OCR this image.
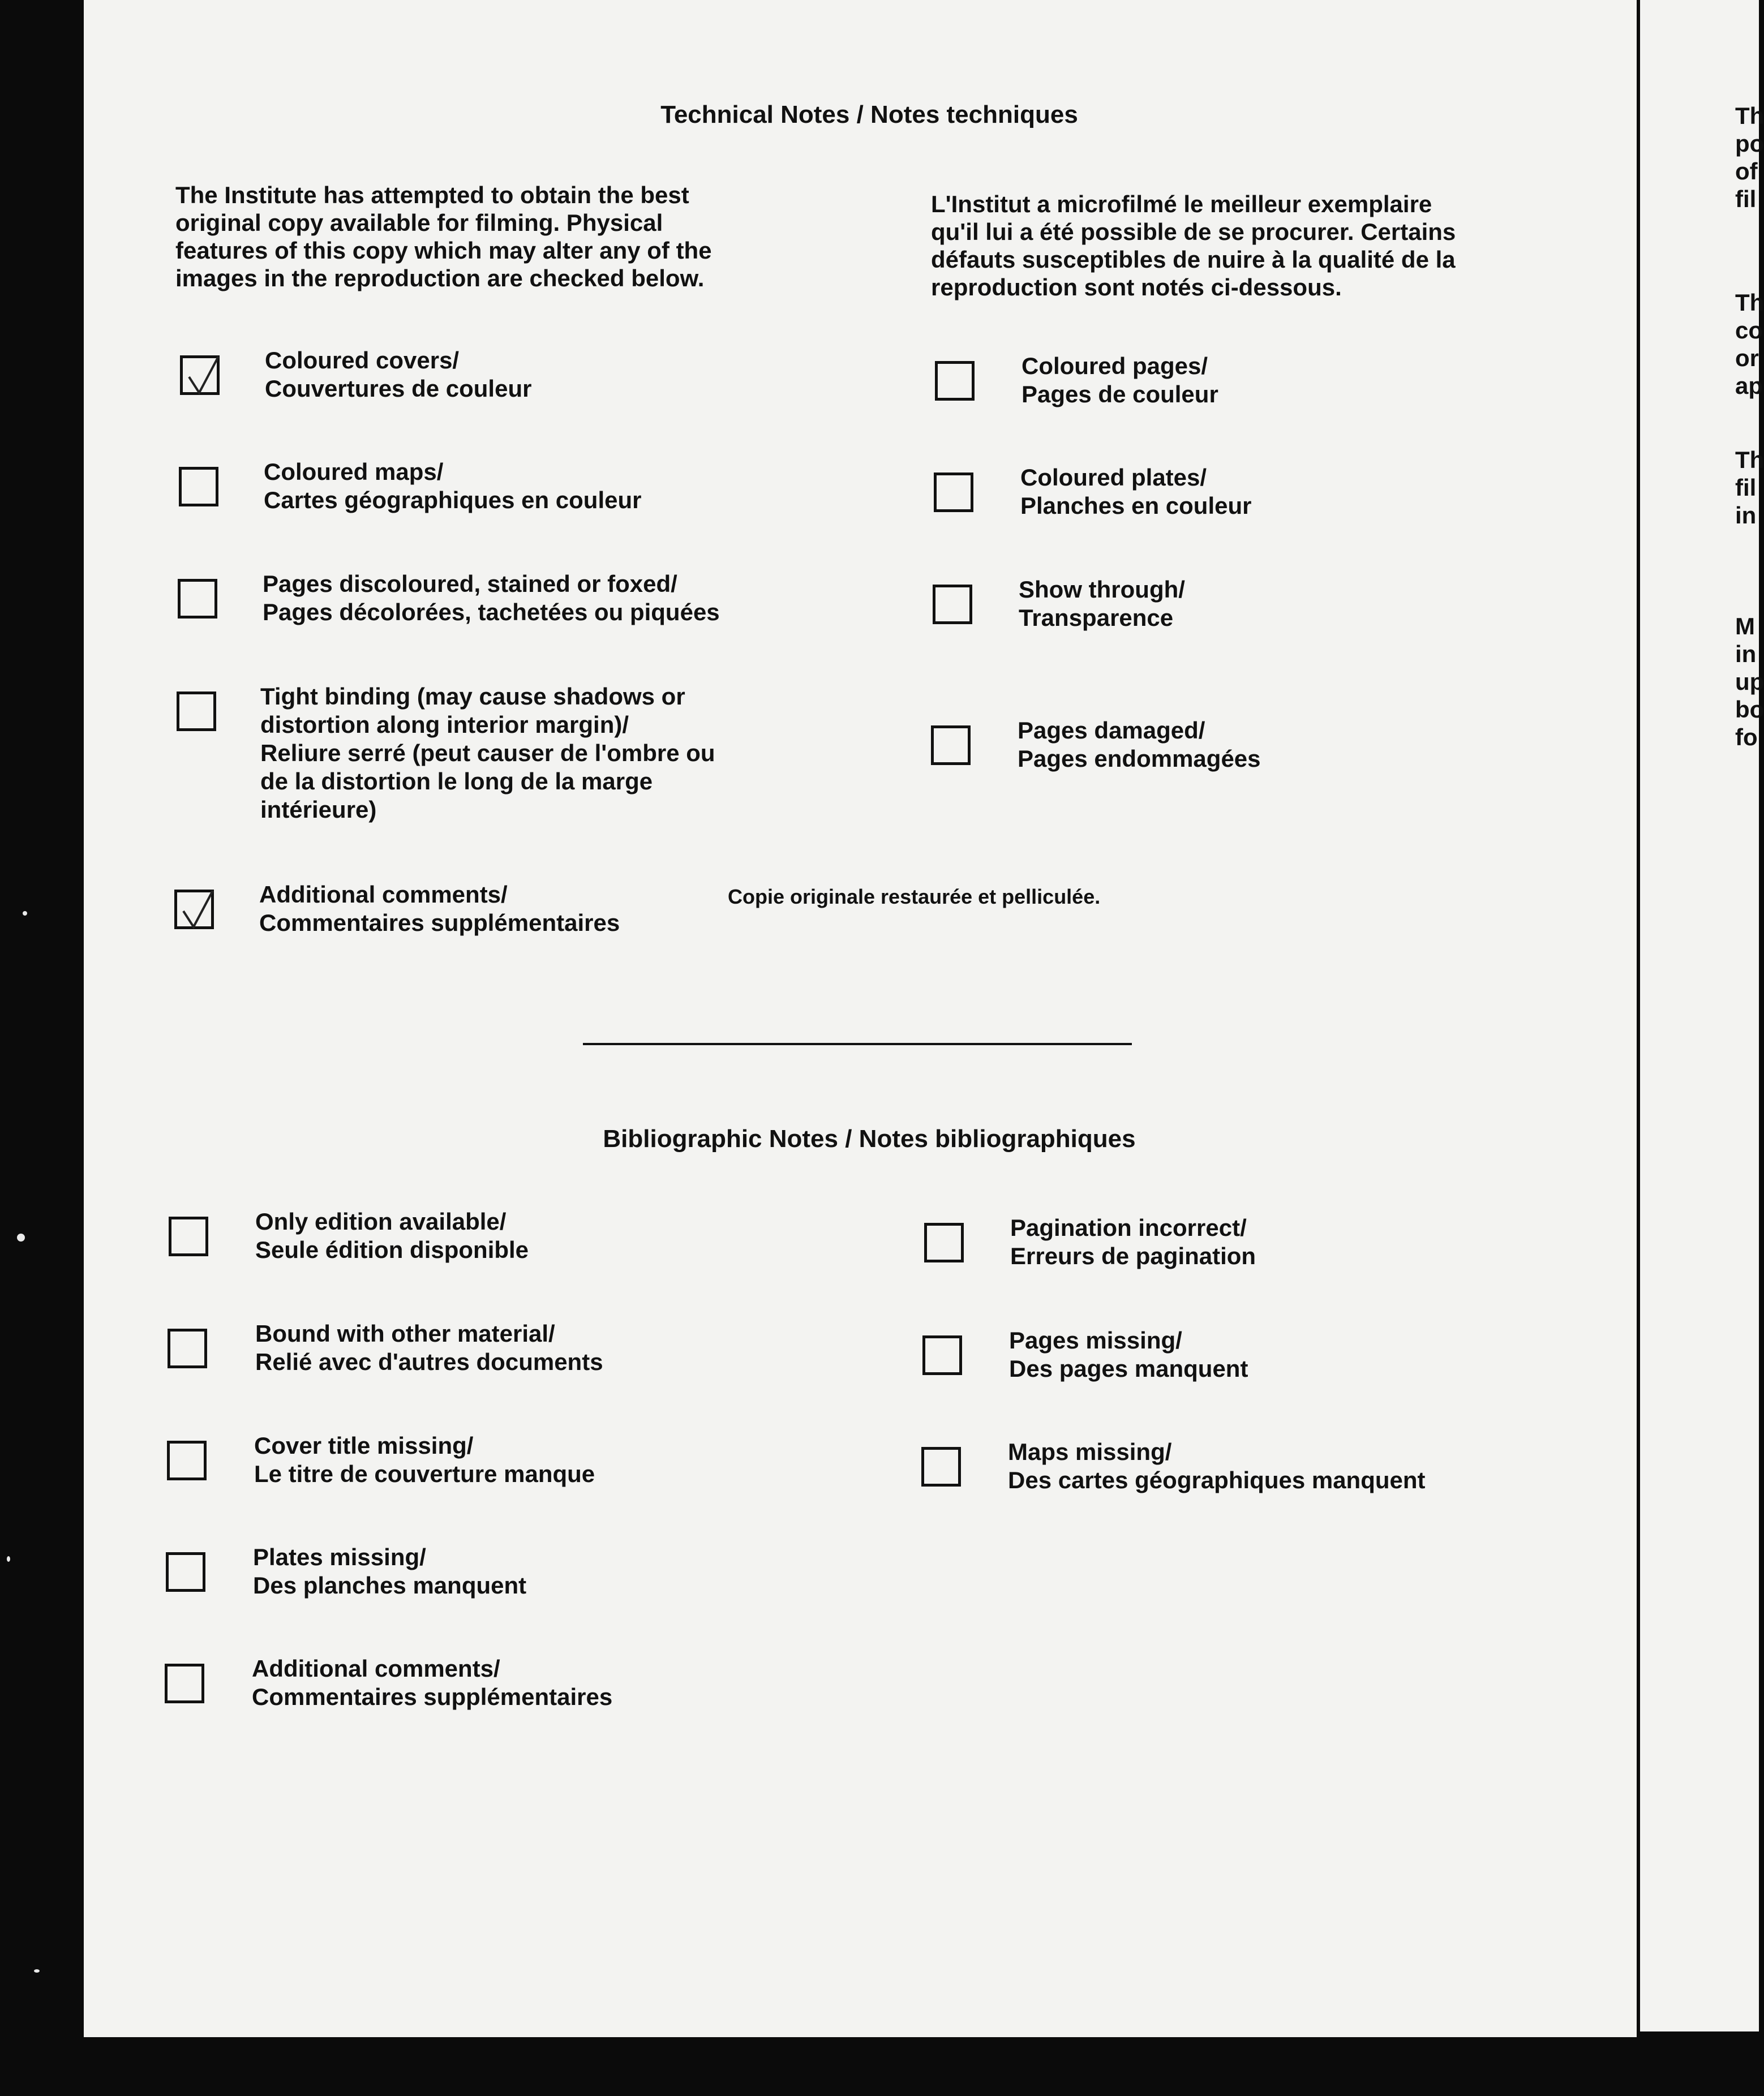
Technical Notes / Notes techniques
The Institute has attempted to obtain the best
original copy available for filming. Physical
features of this copy which may alter any of the
images in the reproduction are checked below.
L'Institut a microfilmé le meilleur exemplaire
qu'il lui a été possible de se procurer. Certains
défauts susceptibles de nuire à la qualité de la
reproduction sont notés ci-dessous.
Coloured covers/
Couvertures de couleur
Coloured maps/
Cartes géographiques en couleur
Pages discoloured, stained or foxed/
Pages décolorées, tachetées ou piquées
Tight binding (may cause shadows or
distortion along interior margin)/
Reliure serré (peut causer de l'ombre ou
de la distortion le long de la marge
intérieure)
Additional comments/
Commentaires supplémentaires
Copie originale restaurée et pelliculée.
Coloured pages/
Pages de couleur
Coloured plates/
Planches en couleur
Show through/
Transparence
Pages damaged/
Pages endommagées
Bibliographic Notes / Notes bibliographiques
Only edition available/
Seule édition disponible
Bound with other material/
Relié avec d'autres documents
Cover title missing/
Le titre de couverture manque
Plates missing/
Des planches manquent
Additional comments/
Commentaires supplémentaires
Pagination incorrect/
Erreurs de pagination
Pages missing/
Des pages manquent
Maps missing/
Des cartes géographiques manquent
Th
po
of
fil
Th
co
or
ap
Th
fil
in
M
in
up
bo
fo
